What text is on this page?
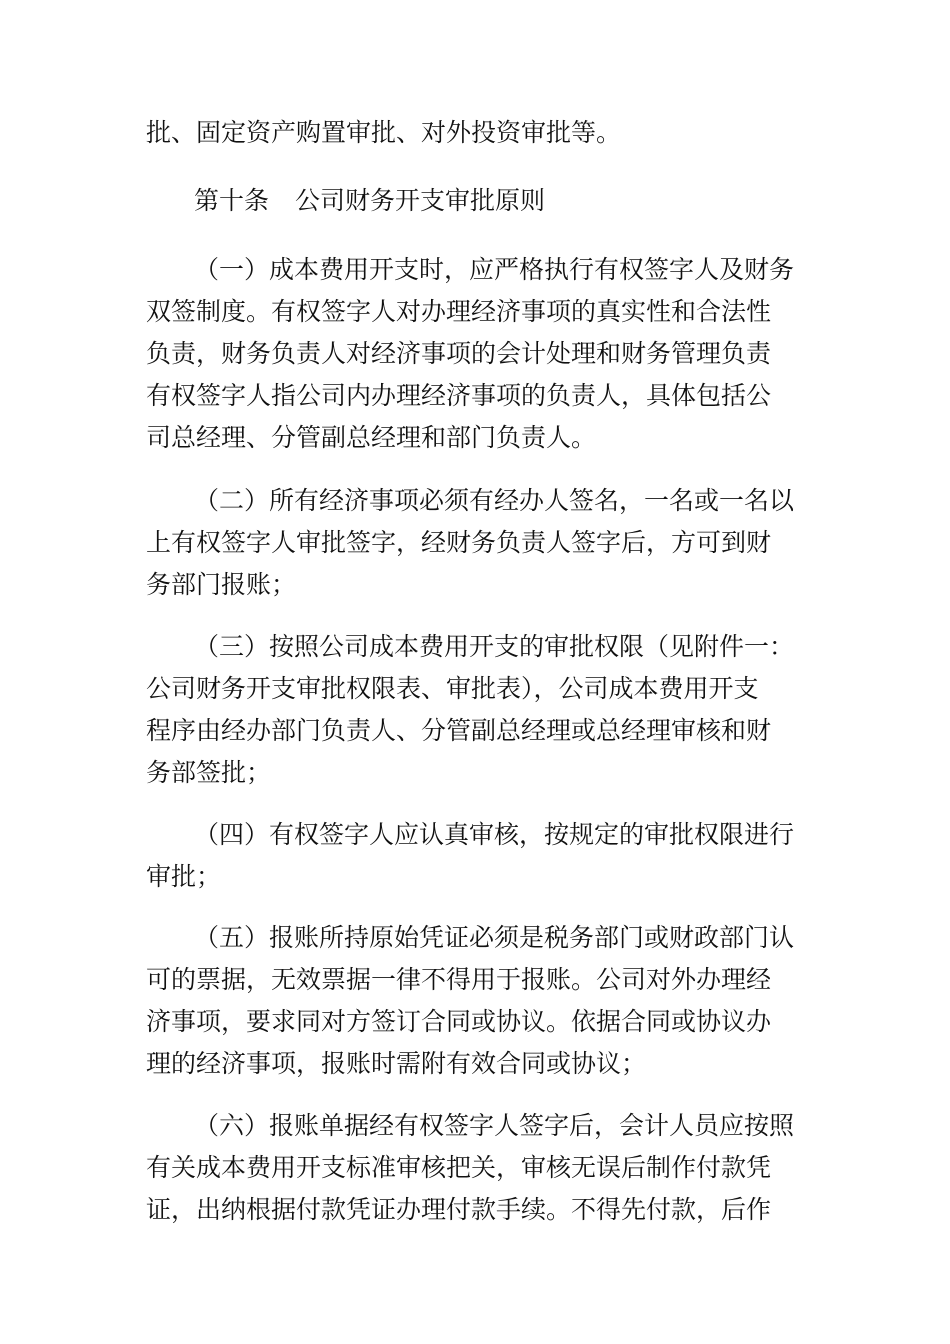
批、固定资产购置审批、对外投资审批等。
第十条 公司财务开支审批原则
（一）成本费用开支时，应严格执行有权签字人及财务
双签制度。有权签字人对办理经济事项的真实性和合法性
负责，财务负责人对经济事项的会计处理和财务管理负责
有权签字人指公司内办理经济事项的负责人，具体包括公
司总经理、分管副总经理和部门负责人。
（二）所有经济事项必须有经办人签名，一名或一名以
上有权签字人审批签字，经财务负责人签字后，方可到财
务部门报账；
（三）按照公司成本费用开支的审批权限（见附件一：
公司财务开支审批权限表、审批表），公司成本费用开支
程序由经办部门负责人、分管副总经理或总经理审核和财
务部签批；
（四）有权签字人应认真审核，按规定的审批权限进行
审批；
（五）报账所持原始凭证必须是税务部门或财政部门认
可的票据，无效票据一律不得用于报账。公司对外办理经
济事项，要求同对方签订合同或协议。依据合同或协议办
理的经济事项，报账时需附有效合同或协议；
（六）报账单据经有权签字人签字后，会计人员应按照
有关成本费用开支标准审核把关，审核无误后制作付款凭
证，出纳根据付款凭证办理付款手续。不得先付款，后作
